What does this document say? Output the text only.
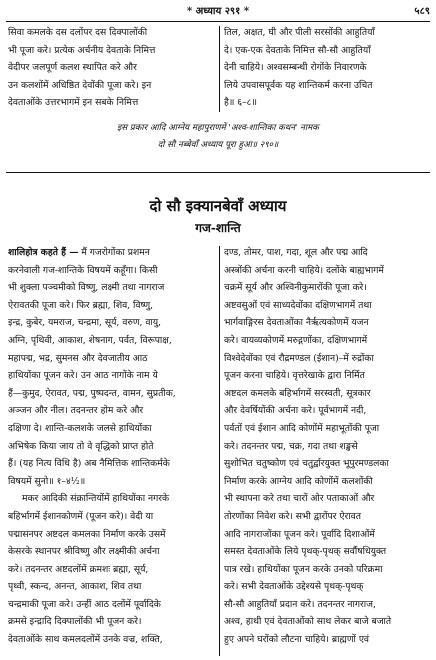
* अध्याय २९१ *	५८९
सिवा कमलके दस दलोंपर दस दिक्पालोंकी
भी पूजा करे। प्रत्येक अर्चनीय देवताके निमित्त
वेदीपर जलपूर्ण कलश स्थापित करे और
उन कलशोंमें अधिष्ठित देवोंकी पूजा करे। इन
देवताओंके उत्तरभागमें इन सबके निमित्त
तिल, अक्षत, घी और पीली सरसोंकी आहुतियाँ
दे। एक-एक देवताके निमित्त सौ-सौ आहुतियाँ
देनी चाहिये। अश्वसम्बन्धी रोगोंके निवारणके
लिये उपवासपूर्वक यह शान्तिकर्म करना उचित
है॥ ६–८॥
इस प्रकार आदि आग्नेय महापुराणमें 'अश्व-शान्तिका कथन' नामक
दो सौ नब्बेवाँ अध्याय पूरा हुआ॥ २९०॥
दो सौ इक्यानबेवाँ अध्याय
गज-शान्ति
शालिहोत्र कहते हैं — मैं गजरोगोंका प्रशमन
करनेवाली गज-शान्तिके विषयमें कहूँगा। किसी
भी शुक्ला पञ्चमीको विष्णु, लक्ष्मी तथा नागराज
ऐरावतकी पूजा करे। फिर ब्रह्मा, शिव, विष्णु,
इन्द्र, कुबेर, यमराज, चन्द्रमा, सूर्य, वरुण, वायु,
अग्नि, पृथिवी, आकाश, शेषनाग, पर्वत, विरूपाक्ष,
महापद्म, भद्र, सुमनस और देवजातीय आठ
हाथियोंका पूजन करे। उन आठ नागोंके नाम ये
हैं—कुमुद, ऐरावत, पद्म, पुष्पदन्त, वामन, सुप्रतीक,
अञ्जन और नील। तदनन्तर होम करे और
दक्षिणा दे। शान्ति-कलशके जलसे हाथियोंका
अभिषेक किया जाय तो वे वृद्धिको प्राप्त होते
हैं। (यह नित्य विधि है) अब नैमित्तिक शान्तिकर्मके
विषयमें सुनो॥ १–४½॥
मकर आदिकी संक्रान्तियोंमें हाथियोंका नगरके
बहिर्भागमें ईशानकोणमें (पूजन करे)। वेदी या
पद्मासनपर अष्टदल कमलका निर्माण करके उसमें
केसरके स्थानपर श्रीविष्णु और लक्ष्मीकी अर्चना
करे। तदनन्तर अष्टदलोंमें क्रमशः ब्रह्मा, सूर्य,
पृथ्वी, स्कन्द, अनन्त, आकाश, शिव तथा
चन्द्रमाकी पूजा करे। उन्हीं आठ दलोंमें पूर्वादिके
क्रमसे इन्द्रादि दिक्पालोंकी भी पूजन करे।
देवताओंके साथ कमलदलोंमें उनके वज्र, शक्ति,
दण्ड, तोमर, पाश, गदा, शूल और पद्म आदि
अस्त्रोंकी अर्चना करनी चाहिये। दलोंके बाह्यभागमें
चक्रमें सूर्य और अश्विनीकुमारोंकी पूजा करे।
अष्टवसुओं एवं साध्यदेवोंका दक्षिणभागमें तथा
भार्गवाङ्गिरस देवताओंका नैर्ऋत्यकोणमें यजन
करे। वायव्यकोणमें मरुद्गणोंका, दक्षिणभागमें
विश्वेदेवोंका एवं रौद्रमण्डल (ईशान)–में रुद्रोंका
पूजन करना चाहिये। वृत्तरेखाके द्वारा निर्मित
अष्टदल कमलके बहिर्भागमें सरस्वती, सूत्रकार
और देवर्षियोंकी अर्चना करे। पूर्वभागमें नदी,
पर्वतों एवं ईशान आदि कोणोंमें महाभूतोंकी पूजा
करे। तदनन्तर पद्म, चक्र, गदा तथा शङ्खसे
सुशोभित चतुष्कोण एवं चतुर्द्वारयुक्त भूपुरमण्डलका
निर्माण करके आग्नेय आदि कोणोंमें कलशोंकी
भी स्थापना करे तथा चारों ओर पताकाओं और
तोरणोंका निवेश करे। सभी द्वारोंपर ऐरावत
आदि नागराजोंका पूजन करे। पूर्वादि दिशाओंमें
समस्त देवताओंके लिये पृथक्-पृथक् सर्वौषधियुक्त
पात्र रखे। हाथियोंका पूजन करके उनको परिक्रमा
करे। सभी देवताओंके उद्देश्यसे पृथक्-पृथक्
सौ-सौ आहुतियाँ प्रदान करे। तदनन्तर नागराज,
अश्व, हाथी एवं देवताओंको साथ लेकर बाजे बजाते
हुए अपने घरोंको लौटना चाहिये। ब्राह्मणों एवं
